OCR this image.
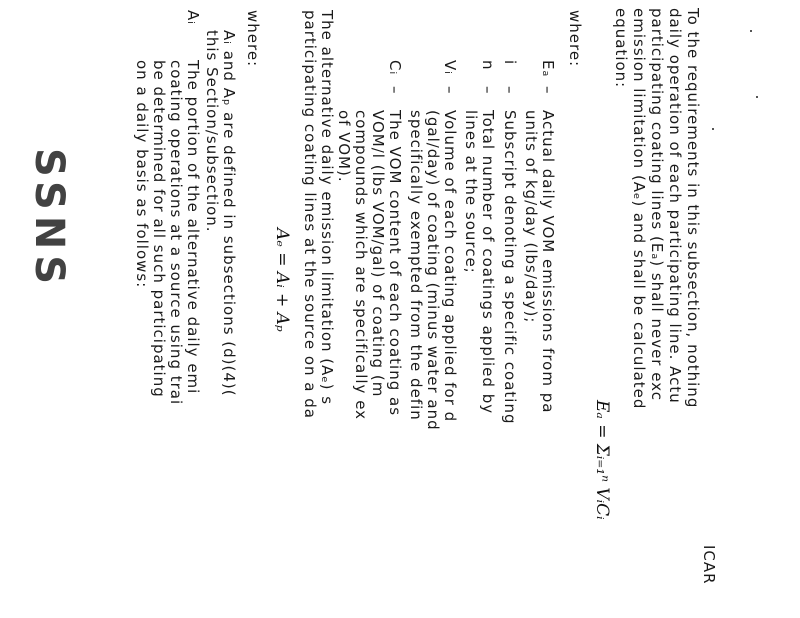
SSNS
ICAR
To the requirements in this subsection, nothing
daily operation of each participating line. Actu
participating coating lines (Eₐ) shall never exc
emission limitation (Aₑ) and shall be calculated
equation:
Eₐ = Σᵢ₌₁ⁿ VᵢCᵢ
where:
Eₐ
–
Actual daily VOM emissions from pa
units of kg/day (lbs/day);
i
–
Subscript denoting a specific coating
n
–
Total number of coatings applied by
lines at the source;
Vᵢ
–
Volume of each coating applied for d
(gal/day) of coating (minus water and
specifically exempted from the defin
Cᵢ
–
The VOM content of each coating as
VOM/l (lbs VOM/gal) of coating (m
compounds which are specifically ex
of VOM).
The alternative daily emission limitation (Aₑ) s
participating coating lines at the source on a da
Aₑ = Aᵢ + Aₚ
where:
Aᵢ and Aₚ are defined in subsections (d)(4)(
this Section/subsection.
Aᵢ
The portion of the alternative daily emi
coating operations at a source using trai
be determined for all such participating
on a daily basis as follows:
